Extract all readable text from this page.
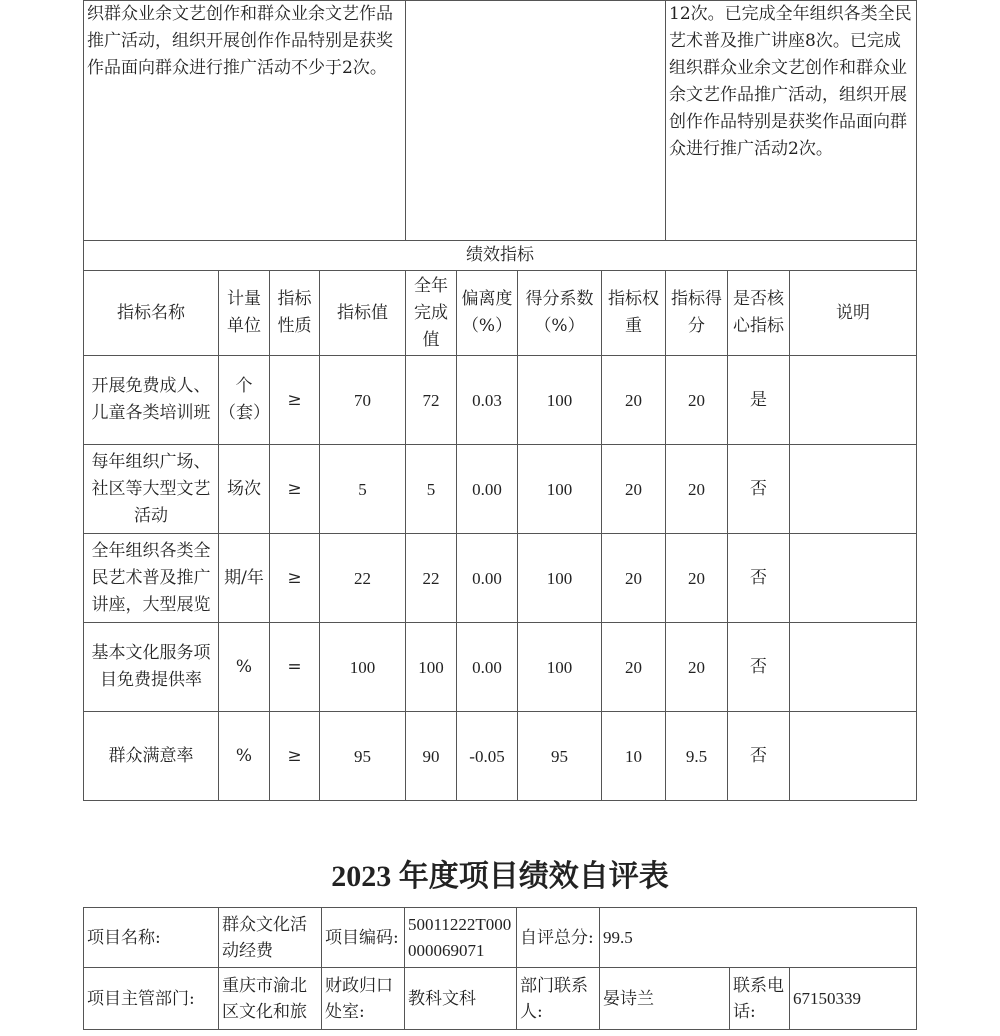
织群众业余文艺创作和群众业余文艺作品推广活动，组织开展创作作品特别是获奖作品面向群众进行推广活动不少于2次。								12次。已完成全年组织各类全民艺术普及推广讲座8次。已完成组织群众业余文艺创作和群众业余文艺作品推广活动，组织开展创作作品特别是获奖作品面向群众进行推广活动2次。		
绩效指标										
指标名称	计量单位	指标性质	指标值	全年完成值	偏离度（%）	得分系数（%）	指标权重	指标得分	是否核心指标	说明
开展免费成人、儿童各类培训班	个（套）	≥	70	72	0.03	100	20	20	是	
每年组织广场、社区等大型文艺活动	场次	≥	5	5	0.00	100	20	20	否	
全年组织各类全民艺术普及推广讲座，大型展览	期/年	≥	22	22	0.00	100	20	20	否	
基本文化服务项目免费提供率	%	=	100	100	0.00	100	20	20	否	
群众满意率	%	≥	95	90	-0.05	95	10	9.5	否	
2023 年度项目绩效自评表
项目名称:	群众文化活动经费	项目编码:	50011222T000000069071	自评总分:	99.5		
项目主管部门:	重庆市渝北区文化和旅	财政归口处室:	教科文科	部门联系人:	晏诗兰	联系电话:	67150339
